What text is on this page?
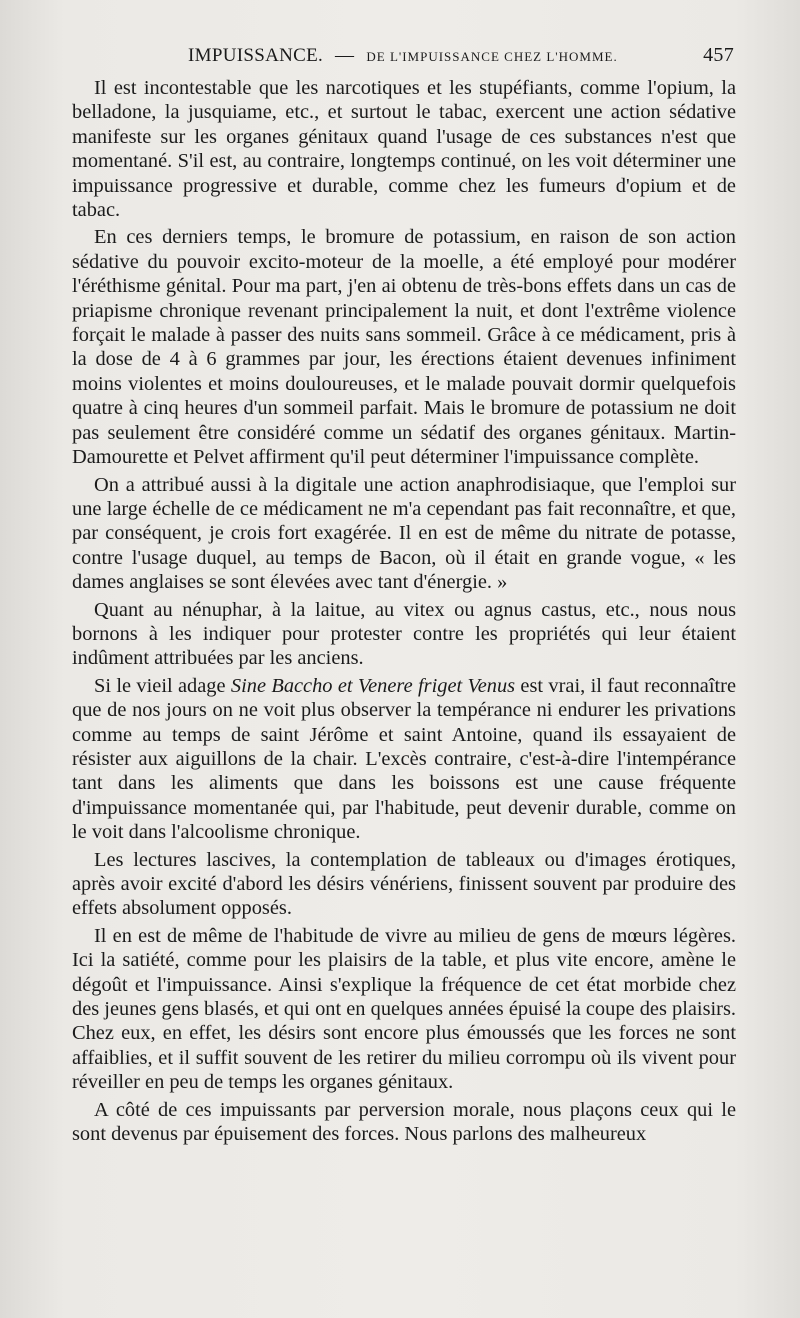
IMPUISSANCE. — DE L'IMPUISSANCE CHEZ L'HOMME.	457

Il est incontestable que les narcotiques et les stupéfiants, comme l'opium, la belladone, la jusquiame, etc., et surtout le tabac, exercent une action sédative manifeste sur les organes génitaux quand l'usage de ces substances n'est que momentané. S'il est, au contraire, longtemps continué, on les voit déterminer une impuissance progressive et durable, comme chez les fumeurs d'opium et de tabac.

En ces derniers temps, le bromure de potassium, en raison de son action sédative du pouvoir excito-moteur de la moelle, a été employé pour modérer l'éréthisme génital. Pour ma part, j'en ai obtenu de très-bons effets dans un cas de priapisme chronique revenant principalement la nuit, et dont l'extrême violence forçait le malade à passer des nuits sans sommeil. Grâce à ce médicament, pris à la dose de 4 à 6 grammes par jour, les érections étaient devenues infiniment moins violentes et moins douloureuses, et le malade pouvait dormir quelquefois quatre à cinq heures d'un sommeil parfait. Mais le bromure de potassium ne doit pas seulement être considéré comme un sédatif des organes génitaux. Martin-Damourette et Pelvet affirment qu'il peut déterminer l'impuissance complète.

On a attribué aussi à la digitale une action anaphrodisiaque, que l'emploi sur une large échelle de ce médicament ne m'a cependant pas fait reconnaître, et que, par conséquent, je crois fort exagérée. Il en est de même du nitrate de potasse, contre l'usage duquel, au temps de Bacon, où il était en grande vogue, « les dames anglaises se sont élevées avec tant d'énergie. »

Quant au nénuphar, à la laitue, au vitex ou agnus castus, etc., nous nous bornons à les indiquer pour protester contre les propriétés qui leur étaient indûment attribuées par les anciens.

Si le vieil adage Sine Baccho et Venere friget Venus est vrai, il faut reconnaître que de nos jours on ne voit plus observer la tempérance ni endurer les privations comme au temps de saint Jérôme et saint Antoine, quand ils essayaient de résister aux aiguillons de la chair. L'excès contraire, c'est-à-dire l'intempérance tant dans les aliments que dans les boissons est une cause fréquente d'impuissance momentanée qui, par l'habitude, peut devenir durable, comme on le voit dans l'alcoolisme chronique.

Les lectures lascives, la contemplation de tableaux ou d'images érotiques, après avoir excité d'abord les désirs vénériens, finissent souvent par produire des effets absolument opposés.

Il en est de même de l'habitude de vivre au milieu de gens de mœurs légères. Ici la satiété, comme pour les plaisirs de la table, et plus vite encore, amène le dégoût et l'impuissance. Ainsi s'explique la fréquence de cet état morbide chez des jeunes gens blasés, et qui ont en quelques années épuisé la coupe des plaisirs. Chez eux, en effet, les désirs sont encore plus émoussés que les forces ne sont affaiblies, et il suffit souvent de les retirer du milieu corrompu où ils vivent pour réveiller en peu de temps les organes génitaux.

A côté de ces impuissants par perversion morale, nous plaçons ceux qui le sont devenus par épuisement des forces. Nous parlons des malheureux
